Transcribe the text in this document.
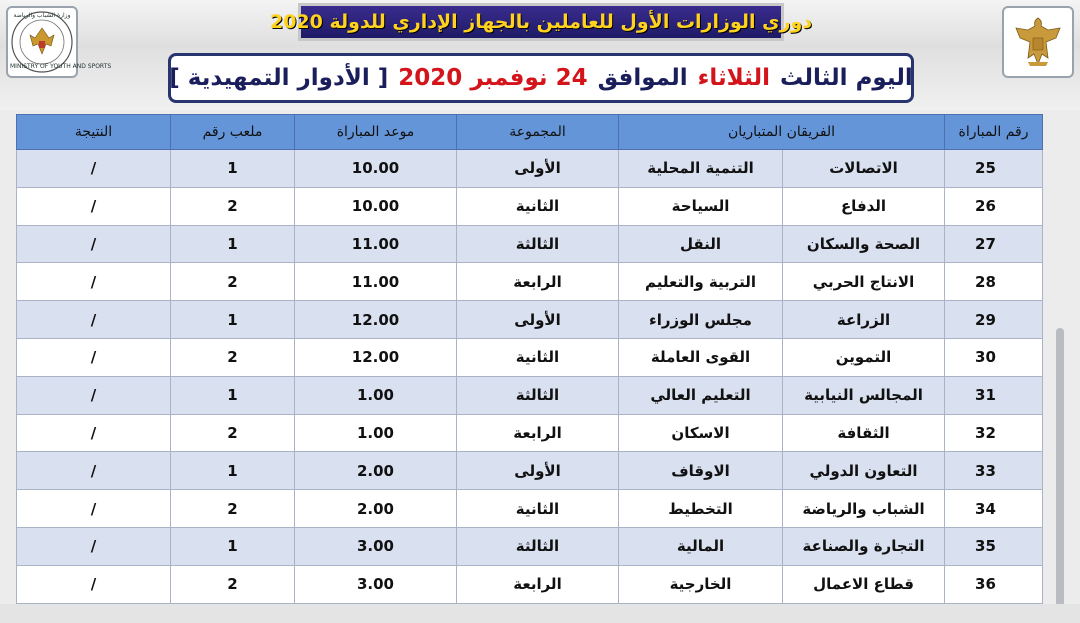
وزارة الشباب والرياضة
MINISTRY OF YOUTH AND SPORTS
دوري الوزارات الأول للعاملين بالجهاز الإداري للدولة 2020
اليوم الثالث
الثلاثاء
الموافق
24 نوفمبر 2020
[ الأدوار التمهيدية ]
رقم المباراة	الفريقان المتباريان		المجموعة	موعد المباراة	ملعب رقم	النتيجة
25	الاتصالات	التنمية المحلية	الأولى	10.00	1	/
26	الدفاع	السياحة	الثانية	10.00	2	/
27	الصحة والسكان	النقل	الثالثة	11.00	1	/
28	الانتاج الحربي	التربية والتعليم	الرابعة	11.00	2	/
29	الزراعة	مجلس الوزراء	الأولى	12.00	1	/
30	التموين	القوى العاملة	الثانية	12.00	2	/
31	المجالس النيابية	التعليم العالي	الثالثة	1.00	1	/
32	الثقافة	الاسكان	الرابعة	1.00	2	/
33	التعاون الدولي	الاوقاف	الأولى	2.00	1	/
34	الشباب والرياضة	التخطيط	الثانية	2.00	2	/
35	التجارة والصناعة	المالية	الثالثة	3.00	1	/
36	قطاع الاعمال	الخارجية	الرابعة	3.00	2	/
